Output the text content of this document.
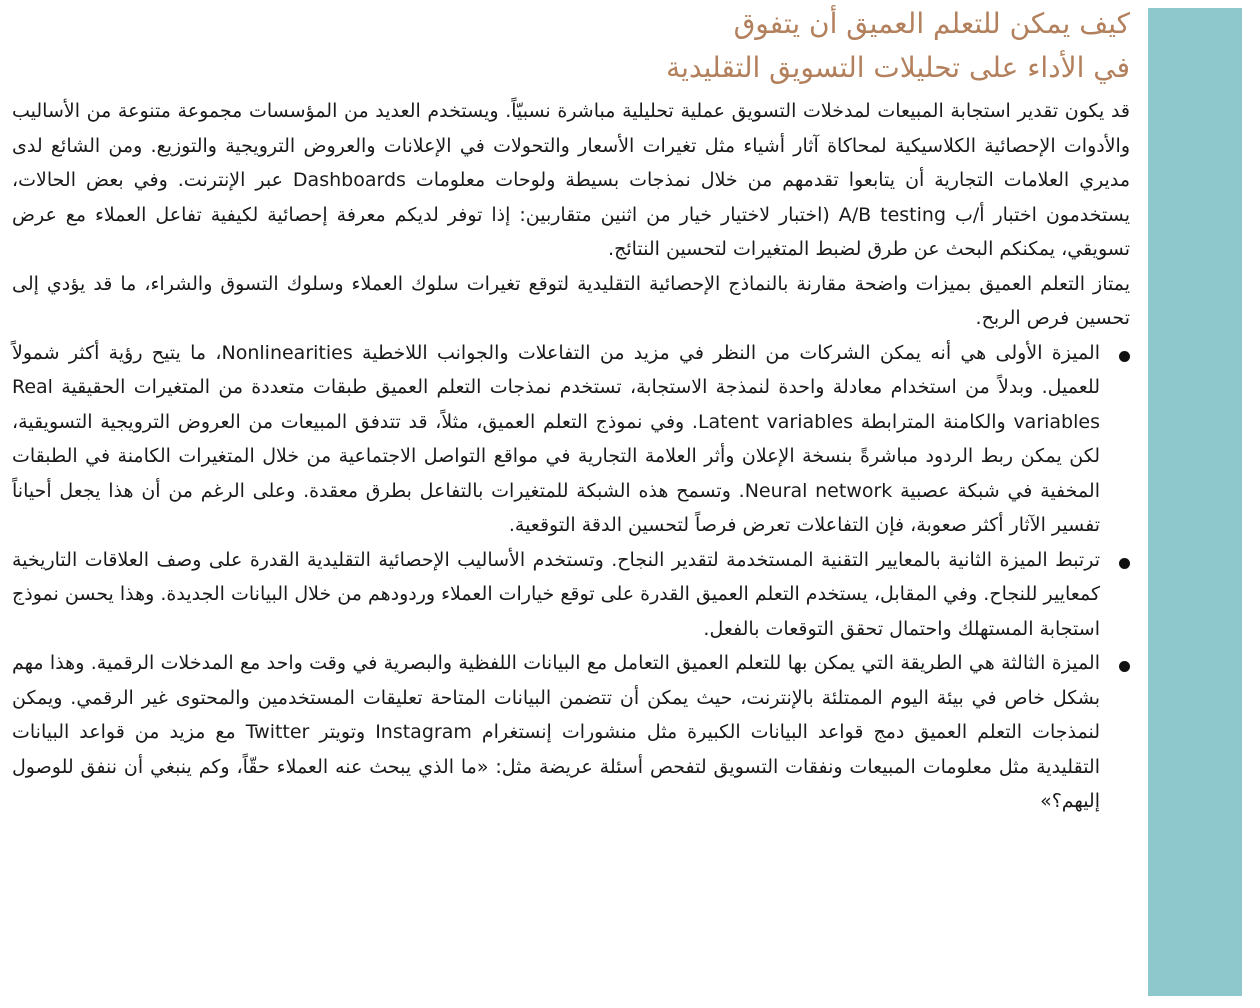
كيف يمكن للتعلم العميق أن يتفوق
في الأداء على تحليلات التسويق التقليدية

قد يكون تقدير استجابة المبيعات لمدخلات التسويق عملية تحليلية مباشرة نسبيّاً. ويستخدم العديد من المؤسسات مجموعة متنوعة من الأساليب والأدوات الإحصائية الكلاسيكية لمحاكاة آثار أشياء مثل تغيرات الأسعار والتحولات في الإعلانات والعروض الترويجية والتوزيع. ومن الشائع لدى مديري العلامات التجارية أن يتابعوا تقدمهم من خلال نمذجات بسيطة ولوحات معلومات Dashboards عبر الإنترنت. وفي بعض الحالات، يستخدمون اختبار أ/ب A/B testing (اختبار لاختيار خيار من اثنين متقاربين: إذا توفر لديكم معرفة إحصائية لكيفية تفاعل العملاء مع عرض تسويقي، يمكنكم البحث عن طرق لضبط المتغيرات لتحسين النتائج.

يمتاز التعلم العميق بميزات واضحة مقارنة بالنماذج الإحصائية التقليدية لتوقع تغيرات سلوك العملاء وسلوك التسوق والشراء، ما قد يؤدي إلى تحسين فرص الربح.

الميزة الأولى هي أنه يمكن الشركات من النظر في مزيد من التفاعلات والجوانب اللاخطية Nonlinearities، ما يتيح رؤية أكثر شمولاً للعميل. وبدلاً من استخدام معادلة واحدة لنمذجة الاستجابة، تستخدم نمذجات التعلم العميق طبقات متعددة من المتغيرات الحقيقية Real variables والكامنة المترابطة Latent variables. وفي نموذج التعلم العميق، مثلاً، قد تتدفق المبيعات من العروض الترويجية التسويقية، لكن يمكن ربط الردود مباشرةً بنسخة الإعلان وأثر العلامة التجارية في مواقع التواصل الاجتماعية من خلال المتغيرات الكامنة في الطبقات المخفية في شبكة عصبية Neural network. وتسمح هذه الشبكة للمتغيرات بالتفاعل بطرق معقدة. وعلى الرغم من أن هذا يجعل أحياناً تفسير الآثار أكثر صعوبة، فإن التفاعلات تعرض فرصاً لتحسين الدقة التوقعية.
ترتبط الميزة الثانية بالمعايير التقنية المستخدمة لتقدير النجاح. وتستخدم الأساليب الإحصائية التقليدية القدرة على وصف العلاقات التاريخية كمعايير للنجاح. وفي المقابل، يستخدم التعلم العميق القدرة على توقع خيارات العملاء وردودهم من خلال البيانات الجديدة. وهذا يحسن نموذج استجابة المستهلك واحتمال تحقق التوقعات بالفعل.
الميزة الثالثة هي الطريقة التي يمكن بها للتعلم العميق التعامل مع البيانات اللفظية والبصرية في وقت واحد مع المدخلات الرقمية. وهذا مهم بشكل خاص في بيئة اليوم الممتلئة بالإنترنت، حيث يمكن أن تتضمن البيانات المتاحة تعليقات المستخدمين والمحتوى غير الرقمي. ويمكن لنمذجات التعلم العميق دمج قواعد البيانات الكبيرة مثل منشورات إنستغرام Instagram وتويتر Twitter مع مزيد من قواعد البيانات التقليدية مثل معلومات المبيعات ونفقات التسويق لتفحص أسئلة عريضة مثل: «ما الذي يبحث عنه العملاء حقّاً، وكم ينبغي أن ننفق للوصول إليهم؟»
